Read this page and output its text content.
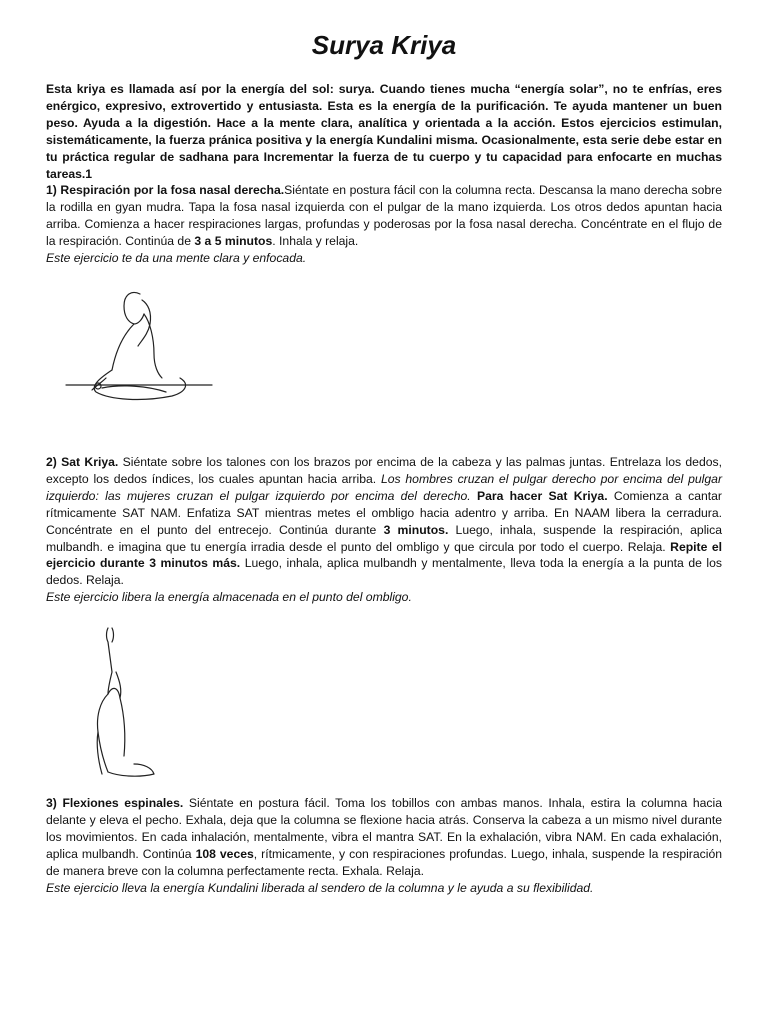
Surya Kriya
Esta kriya es llamada así por la energía del sol: surya. Cuando tienes mucha “energía solar”, no te enfrías, eres enérgico, expresivo, extrovertido y entusiasta. Esta es la energía de la purificación. Te ayuda mantener un buen peso. Ayuda a la digestión. Hace a la mente clara, analítica y orientada a la acción. Estos ejercicios estimulan, sistemáticamente, la fuerza pránica positiva y la energía Kundalini misma. Ocasionalmente, esta serie debe estar en tu práctica regular de sadhana para Incrementar la fuerza de tu cuerpo y tu capacidad para enfocarte en muchas tareas.1
1) Respiración por la fosa nasal derecha.Siéntate en postura fácil con la columna recta. Descansa la mano derecha sobre la rodilla en gyan mudra. Tapa la fosa nasal izquierda con el pulgar de la mano izquierda. Los otros dedos apuntan hacia arriba. Comienza a hacer respiraciones largas, profundas y poderosas por la fosa nasal derecha. Concéntrate en el flujo de la respiración. Continúa de 3 a 5 minutos. Inhala y relaja.
Este ejercicio te da una mente clara y enfocada.
2) Sat Kriya. Siéntate sobre los talones con los brazos por encima de la cabeza y las palmas juntas. Entrelaza los dedos, excepto los dedos índices, los cuales apuntan hacia arriba. Los hombres cruzan el pulgar derecho por encima del pulgar izquierdo: las mujeres cruzan el pulgar izquierdo por encima del derecho. Para hacer Sat Kriya. Comienza a cantar rítmicamente SAT NAM. Enfatiza SAT mientras metes el ombligo hacia adentro y arriba. En NAAM libera la cerradura. Concéntrate en el punto del entrecejo. Continúa durante 3 minutos. Luego, inhala, suspende la respiración, aplica mulbandh. e imagina que tu energía irradia desde el punto del ombligo y que circula por todo el cuerpo. Relaja. Repite el ejercicio durante 3 minutos más. Luego, inhala, aplica mulbandh y mentalmente, lleva toda la energía a la punta de los dedos. Relaja.
Este ejercicio libera la energía almacenada en el punto del ombligo.
3) Flexiones espinales. Siéntate en postura fácil. Toma los tobillos con ambas manos. Inhala, estira la columna hacia delante y eleva el pecho. Exhala, deja que la columna se flexione hacia atrás. Conserva la cabeza a un mismo nivel durante los movimientos. En cada inhalación, mentalmente, vibra el mantra SAT. En la exhalación, vibra NAM. En cada exhalación, aplica mulbandh. Continúa 108 veces, rítmicamente, y con respiraciones profundas. Luego, inhala, suspende la respiración de manera breve con la columna perfectamente recta. Exhala. Relaja.
Este ejercicio lleva la energía Kundalini liberada al sendero de la columna y le ayuda a su flexibilidad.
